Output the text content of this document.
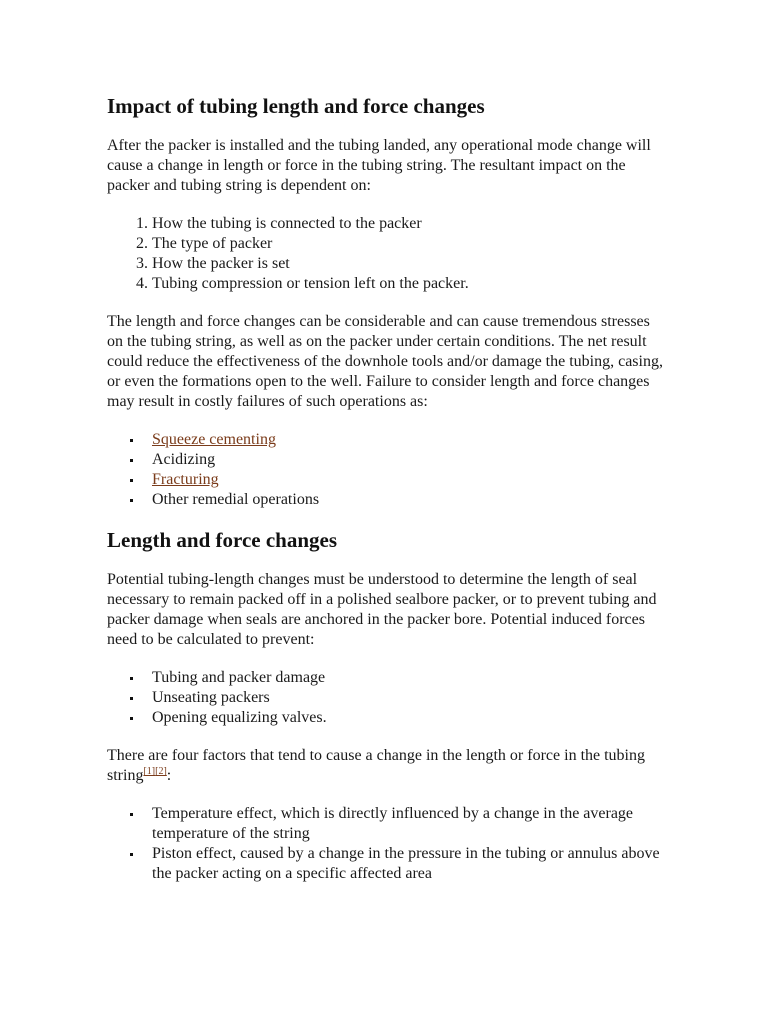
Impact of tubing length and force changes

After the packer is installed and the tubing landed, any operational mode change will cause a change in length or force in the tubing string. The resultant impact on the packer and tubing string is dependent on:

1. How the tubing is connected to the packer
2. The type of packer
3. How the packer is set
4. Tubing compression or tension left on the packer.

The length and force changes can be considerable and can cause tremendous stresses on the tubing string, as well as on the packer under certain conditions. The net result could reduce the effectiveness of the downhole tools and/or damage the tubing, casing, or even the formations open to the well. Failure to consider length and force changes may result in costly failures of such operations as:

Squeeze cementing
Acidizing
Fracturing
Other remedial operations
Length and force changes

Potential tubing-length changes must be understood to determine the length of seal necessary to remain packed off in a polished sealbore packer, or to prevent tubing and packer damage when seals are anchored in the packer bore. Potential induced forces need to be calculated to prevent:

Tubing and packer damage
Unseating packers
Opening equalizing valves.

There are four factors that tend to cause a change in the length or force in the tubing string[1][2]:

Temperature effect, which is directly influenced by a change in the average temperature of the string
Piston effect, caused by a change in the pressure in the tubing or annulus above the packer acting on a specific affected area
